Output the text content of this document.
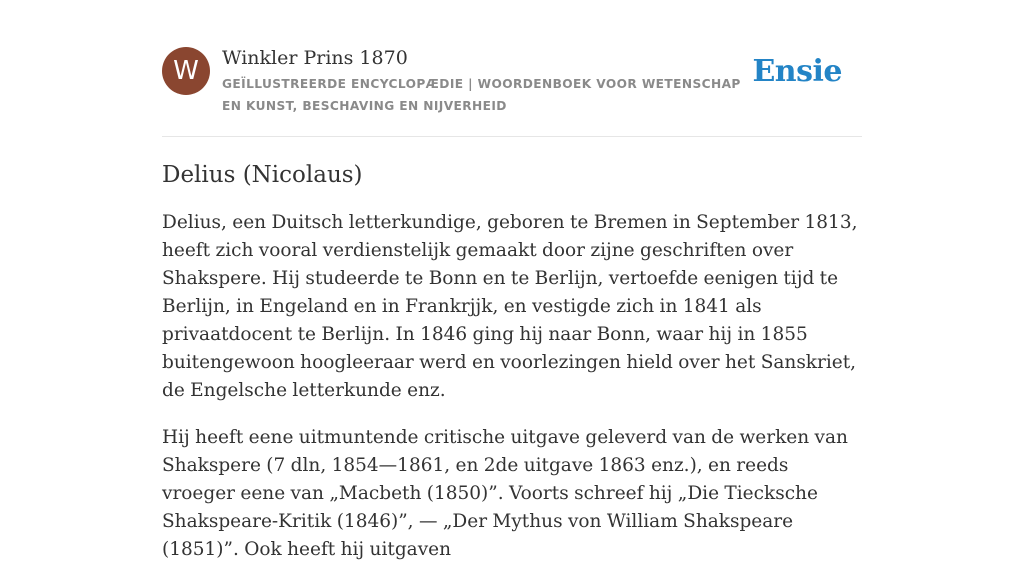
W Winkler Prins 1870

GEÏLLUSTREERDE ENCYCLOPÆDIE | WOORDENBOEK VOOR WETENSCHAP EN KUNST, BESCHAVING EN NIJVERHEID

Ensie
Delius (Nicolaus)

Delius, een Duitsch letterkundige, geboren te Bremen in September 1813, heeft zich vooral verdienstelijk gemaakt door zijne geschriften over Shakspere. Hij studeerde te Bonn en te Berlijn, vertoefde eenigen tijd te Berlijn, in Engeland en in Frankrjjk, en vestigde zich in 1841 als privaatdocent te Berlijn. In 1846 ging hij naar Bonn, waar hij in 1855 buitengewoon hoogleeraar werd en voorlezingen hield over het Sanskriet, de Engelsche letterkunde enz.

Hij heeft eene uitmuntende critische uitgave geleverd van de werken van Shakspere (7 dln, 1854—1861, en 2de uitgave 1863 enz.), en reeds vroeger eene van „Macbeth (1850)”. Voorts schreef hij „Die Tiecksche Shakspeare-Kritik (1846)”, — „Der Mythus von William Shakspeare (1851)”. Ook heeft hij uitgaven
